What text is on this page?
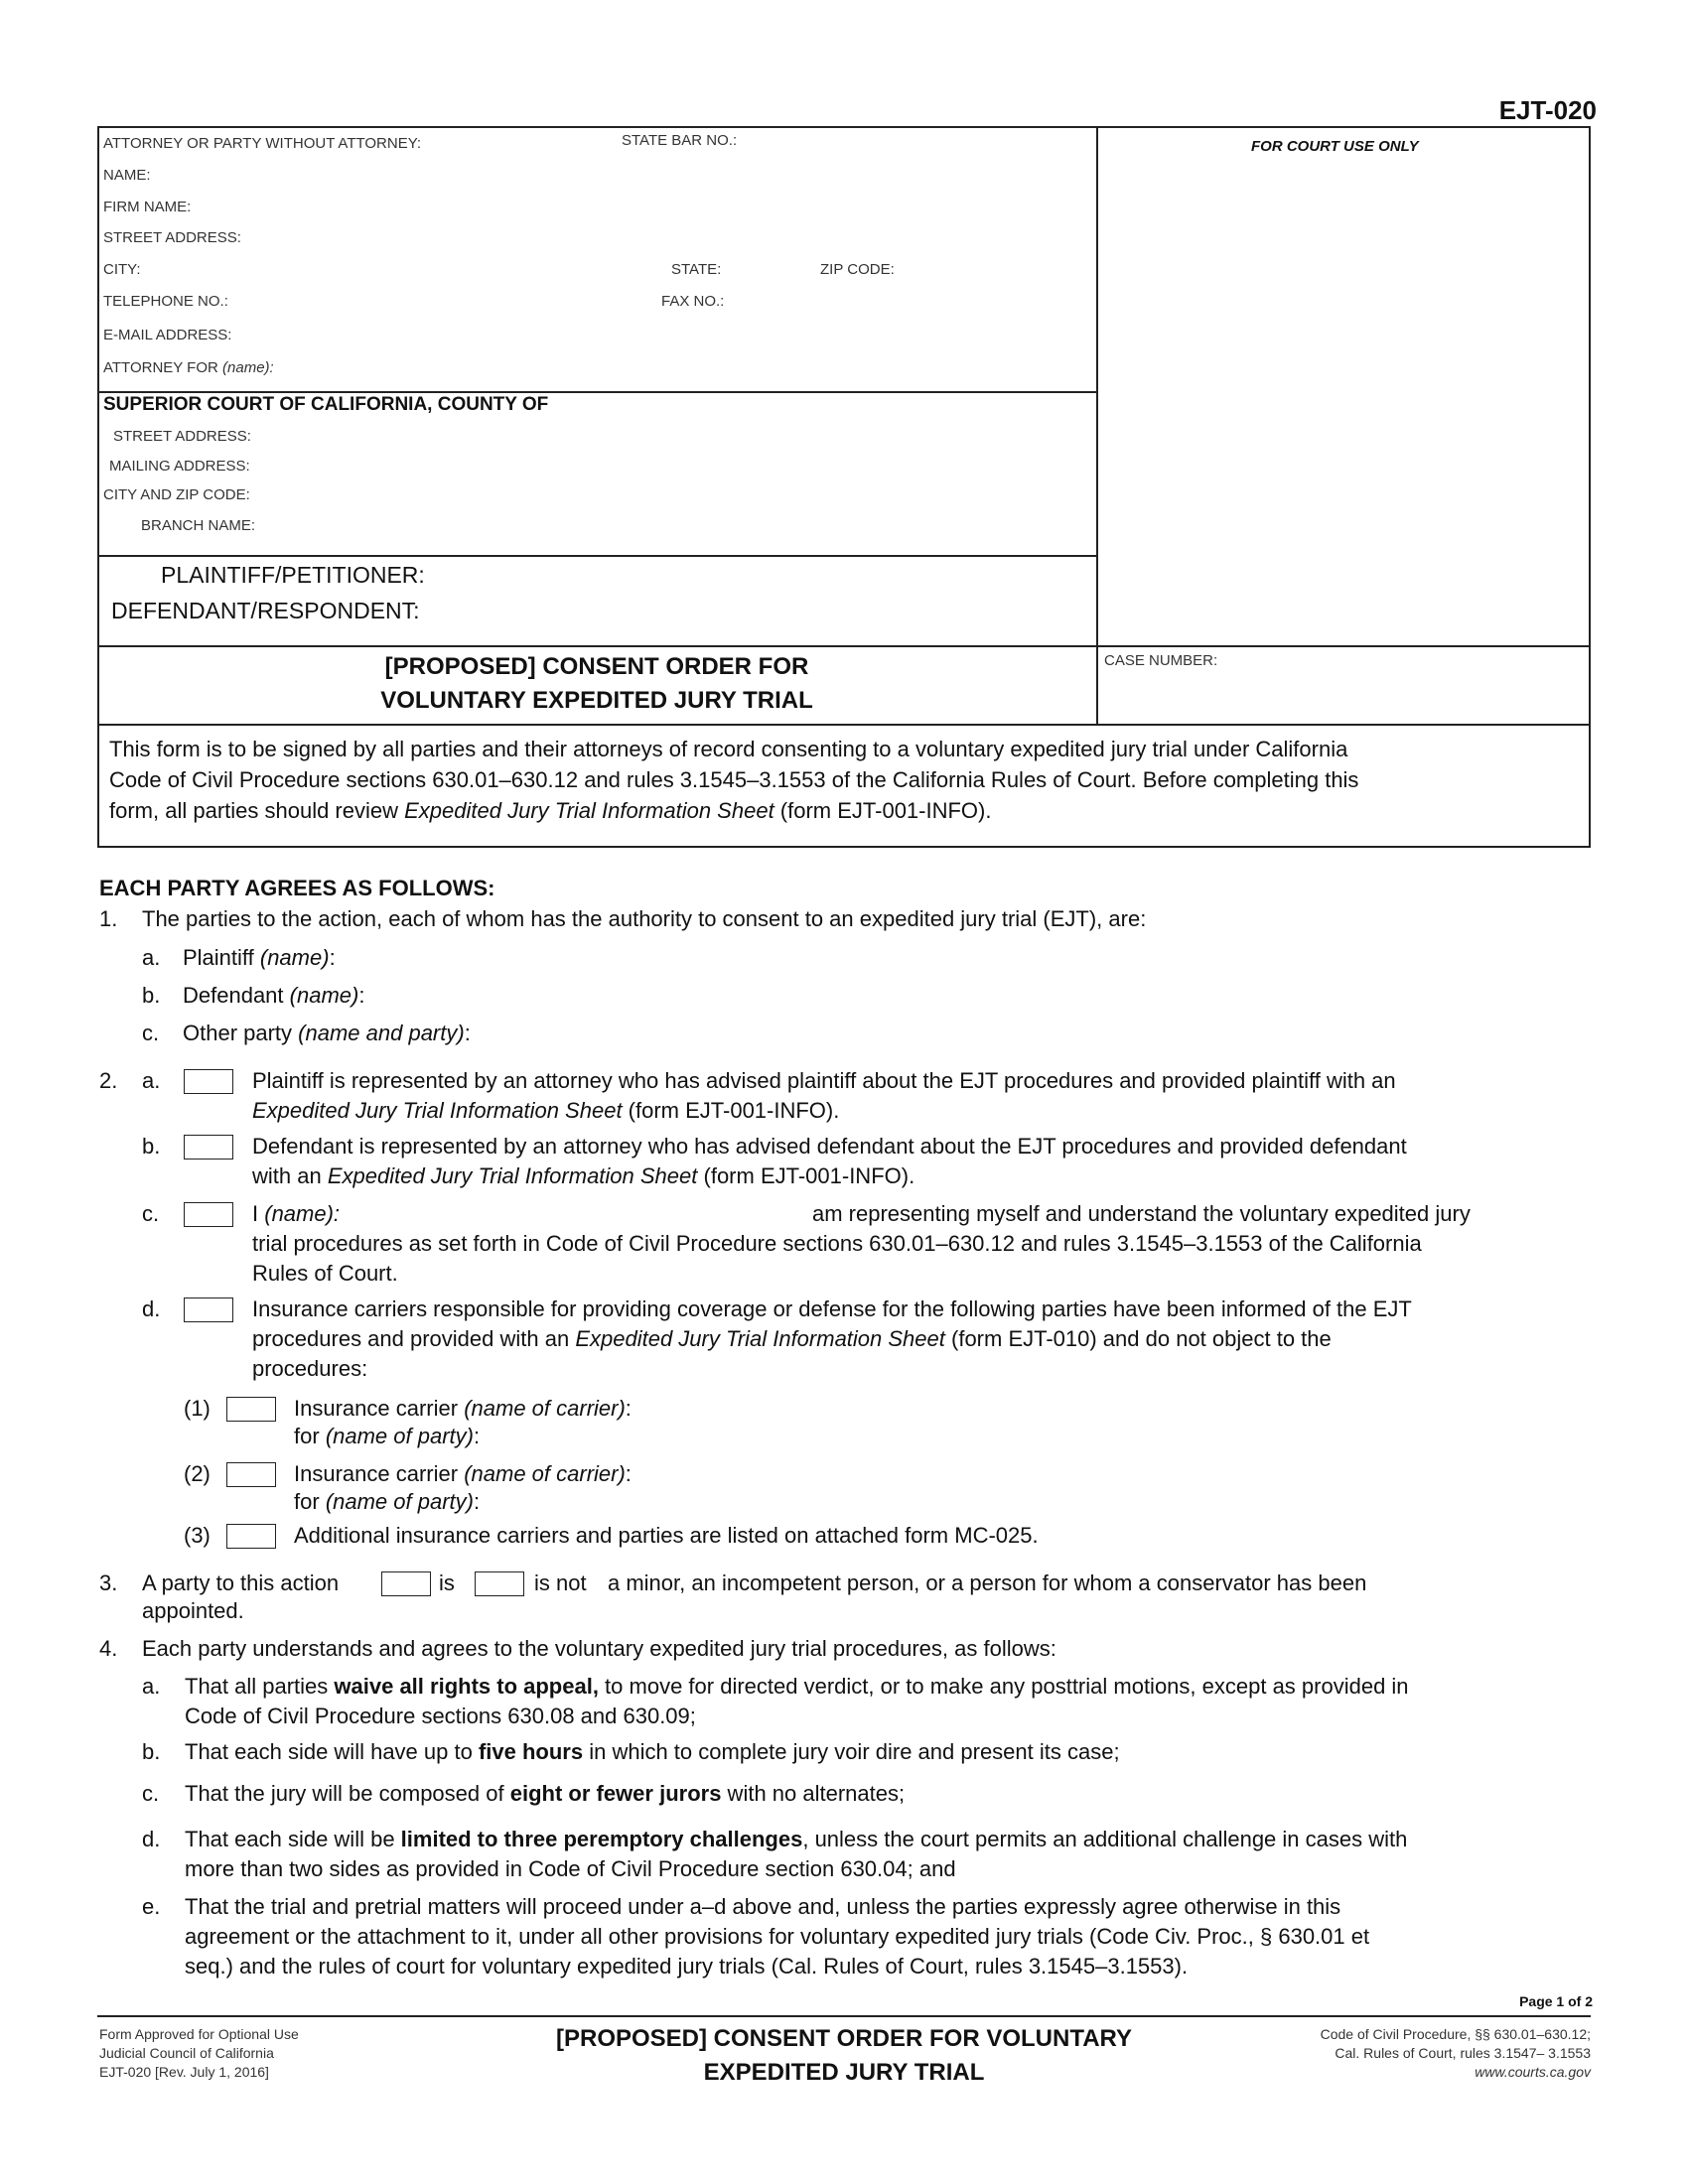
EJT-020
ATTORNEY OR PARTY WITHOUT ATTORNEY:	STATE BAR NO.:
NAME:
FIRM NAME:
STREET ADDRESS:
CITY:	STATE:	ZIP CODE:
TELEPHONE NO.:	FAX NO.:
E-MAIL ADDRESS:
ATTORNEY FOR (name):
FOR COURT USE ONLY
SUPERIOR COURT OF CALIFORNIA, COUNTY OF
STREET ADDRESS:
MAILING ADDRESS:
CITY AND ZIP CODE:
BRANCH NAME:
PLAINTIFF/PETITIONER:
DEFENDANT/RESPONDENT:
[PROPOSED] CONSENT ORDER FOR
VOLUNTARY EXPEDITED JURY TRIAL
CASE NUMBER:
This form is to be signed by all parties and their attorneys of record consenting to a voluntary expedited jury trial under California
Code of Civil Procedure sections 630.01–630.12 and rules 3.1545–3.1553 of the California Rules of Court. Before completing this
form, all parties should review Expedited Jury Trial Information Sheet (form EJT-001-INFO).
EACH PARTY AGREES AS FOLLOWS:
1. The parties to the action, each of whom has the authority to consent to an expedited jury trial (EJT), are:
a. Plaintiff (name):
b. Defendant (name):
c. Other party (name and party):
2. a.	Plaintiff is represented by an attorney who has advised plaintiff about the EJT procedures and provided plaintiff with an
Expedited Jury Trial Information Sheet (form EJT-001-INFO).
b.	Defendant is represented by an attorney who has advised defendant about the EJT procedures and provided defendant
with an Expedited Jury Trial Information Sheet (form EJT-001-INFO).
c.	I (name):	am representing myself and understand the voluntary expedited jury
trial procedures as set forth in Code of Civil Procedure sections 630.01–630.12 and rules 3.1545–3.1553 of the California
Rules of Court.
d.	Insurance carriers responsible for providing coverage or defense for the following parties have been informed of the EJT
procedures and provided with an Expedited Jury Trial Information Sheet (form EJT-010) and do not object to the
procedures:
(1)	Insurance carrier (name of carrier):
for (name of party):
(2)	Insurance carrier (name of carrier):
for (name of party):
(3)	Additional insurance carriers and parties are listed on attached form MC-025.
3. A party to this action	is	is not a minor, an incompetent person, or a person for whom a conservator has been
appointed.
4. Each party understands and agrees to the voluntary expedited jury trial procedures, as follows:
a. That all parties waive all rights to appeal, to move for directed verdict, or to make any posttrial motions, except as provided in
Code of Civil Procedure sections 630.08 and 630.09;
b. That each side will have up to five hours in which to complete jury voir dire and present its case;
c. That the jury will be composed of eight or fewer jurors with no alternates;
d. That each side will be limited to three peremptory challenges, unless the court permits an additional challenge in cases with
more than two sides as provided in Code of Civil Procedure section 630.04; and
e. That the trial and pretrial matters will proceed under a–d above and, unless the parties expressly agree otherwise in this
agreement or the attachment to it, under all other provisions for voluntary expedited jury trials (Code Civ. Proc., § 630.01 et
seq.) and the rules of court for voluntary expedited jury trials (Cal. Rules of Court, rules 3.1545–3.1553).
Page 1 of 2
Form Approved for Optional Use
Judicial Council of California
EJT-020 [Rev. July 1, 2016]
[PROPOSED] CONSENT ORDER FOR VOLUNTARY
EXPEDITED JURY TRIAL
Code of Civil Procedure, §§ 630.01–630.12;
Cal. Rules of Court, rules 3.1547– 3.1553
www.courts.ca.gov
